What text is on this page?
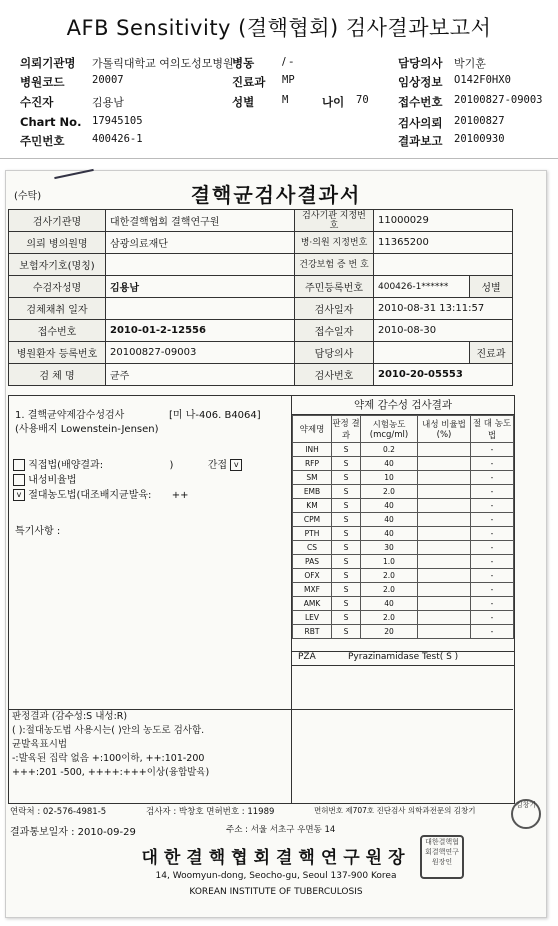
AFB Sensitivity (결핵협회) 검사결과보고서
의뢰기관명 가톨릭대학교 여의도성모병원
병동	/ -	담당의사 박기훈
병원코드	20007	진료과 MP	임상정보 O142F0HX0
수진자	김용남	성별	M	나이 70	접수번호 20100827-09003
Chart No. 17945105	검사의뢰 20100827
주민번호	400426-1	결과보고 20100930
(수탁)	결핵균검사결과서
검사기관명	대한결핵협회 결핵연구원	검사기관 지정번호	11000029	
의뢰 병의원명	삼광의료재단	병·의원 지정번호	11365200	
보험자기호(명칭)		건강보험 증 번 호		
수검자성명	김용남	주민등록번호	400426-1******	성별
검체채취 일자		검사일자	2010-08-31 13:11:57	
접수번호	2010-01-2-12556	접수일자	2010-08-30	
병원환자 등록번호	20100827-09003	담당의사		진료과
검 체 명	균주	검사번호	2010-20-05553	
1. 결핵균약제감수성검사	[미 나-406. B4064]
(사용배지 Lowenstein-Jensen)
직접법(배양결과:	)	간접 v
내성비율법
v 절대농도법(대조배지균발육: ++
특기사항 :
약제 감수성 검사결과
약제명	판정 결과	시험농도 (mcg/ml)	내성 비율법(%)	절 대 농도법
INH	S	0.2		-
RFP	S	40		-
SM	S	10		-
EMB	S	2.0		-
KM	S	40		-
CPM	S	40		-
PTH	S	40		-
CS	S	30		-
PAS	S	1.0		-
OFX	S	2.0		-
MXF	S	2.0		-
AMK	S	40		-
LEV	S	2.0		-
RBT	S	20		-
PZA	Pyrazinamidase Test( S )
판정결과 (감수성:S 내성:R)
( ):절대농도법 사용시는( )안의 농도로 검사함.
균발육표시법
-:발육된 집락 없음 +:100이하, ++:101-200
+++:201 -500, ++++:+++이상(융합발육)
연락처 : 02-576-4981-5	검사자 : 박창호 면허번호 : 11989	면허번호 제707호 진단검사 의학과전문의 김창기
결과통보일자 : 2010-09-29	주소 : 서울 서초구 우면동 14
대한결핵협회결핵연구원장
14, Woomyun-dong, Seocho-gu, Seoul 137-900 Korea
KOREAN INSTITUTE OF TUBERCULOSIS
김창기
대한결핵협회결핵연구원장인
